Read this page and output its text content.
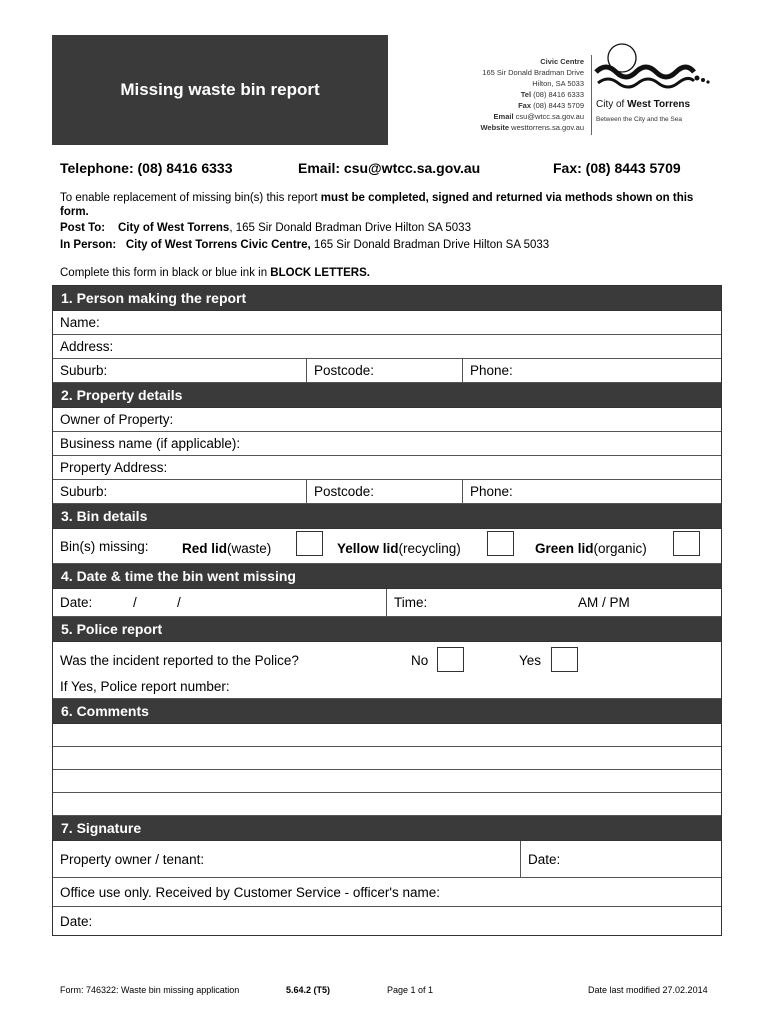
Missing waste bin report
Civic Centre
165 Sir Donald Bradman Drive
Hilton, SA 5033
Tel (08) 8416 6333
Fax (08) 8443 5709
Email csu@wtcc.sa.gov.au
Website westtorrens.sa.gov.au
City of West Torrens
Between the City and the Sea
Telephone: (08) 8416 6333	Email: csu@wtcc.sa.gov.au	Fax: (08) 8443 5709
To enable replacement of missing bin(s) this report must be completed, signed and returned via methods shown on this form.
Post To: City of West Torrens, 165 Sir Donald Bradman Drive Hilton SA 5033
In Person: City of West Torrens Civic Centre, 165 Sir Donald Bradman Drive Hilton SA 5033
Complete this form in black or blue ink in BLOCK LETTERS.
1. Person making the report
Name:
Address:
Suburb:	Postcode:	Phone:
2. Property details
Owner of Property:
Business name (if applicable):
Property Address:
Suburb:	Postcode:	Phone:
3. Bin details
Bin(s) missing: Red lid (waste)	Yellow lid (recycling)	Green lid (organic)
4. Date & time the bin went missing
Date:	/	/	Time:	AM / PM
5. Police report
Was the incident reported to the Police?	No	Yes
If Yes, Police report number:
6. Comments
7. Signature
Property owner / tenant:	Date:
Office use only. Received by Customer Service - officer's name:
Date:
Form: 746322: Waste bin missing application	5.64.2 (T5)	Page 1 of 1	Date last modified 27.02.2014
